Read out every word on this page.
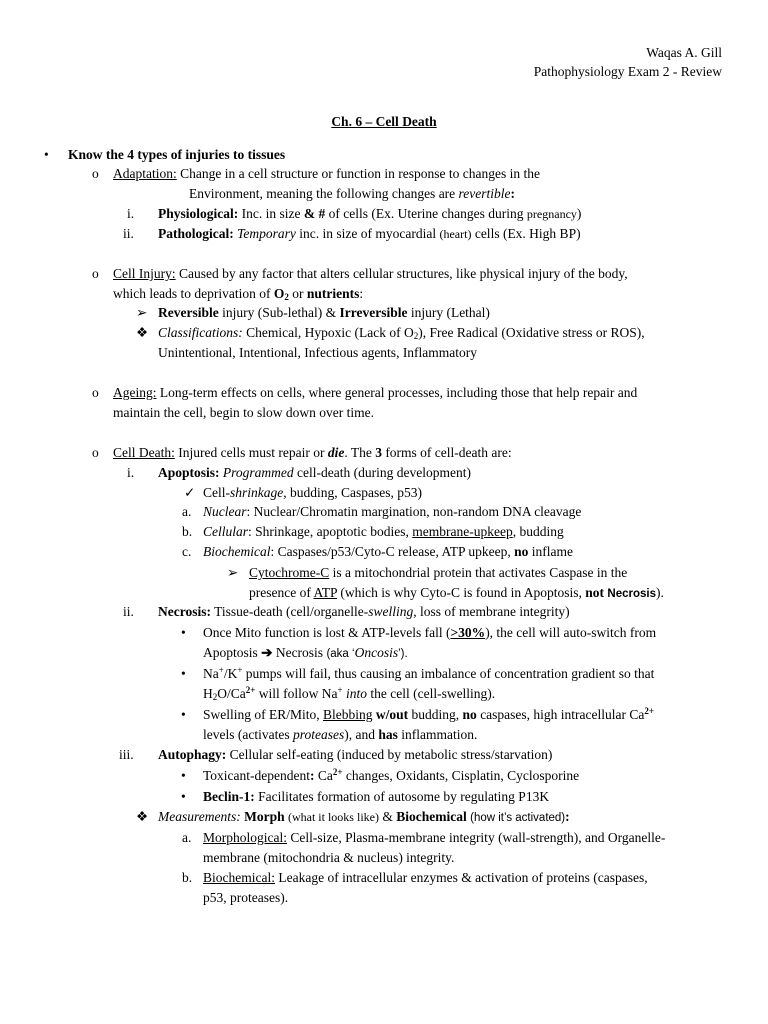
Waqas A. Gill
Pathophysiology Exam 2 - Review
Ch. 6 – Cell Death
• Know the 4 types of injuries to tissues
o Adaptation: Change in a cell structure or function in response to changes in the
Environment, meaning the following changes are revertible:
i. Physiological: Inc. in size & # of cells (Ex. Uterine changes during pregnancy)
ii. Pathological: Temporary inc. in size of myocardial (heart) cells (Ex. High BP)
o Cell Injury: Caused by any factor that alters cellular structures, like physical injury of the body,
which leads to deprivation of $O_2$ or nutrients:
➢ Reversible injury (Sub-lethal) & Irreversible injury (Lethal)
❖ Classifications: Chemical, Hypoxic (Lack of $O_2$), Free Radical (Oxidative stress or ROS),
Unintentional, Intentional, Infectious agents, Inflammatory
o Ageing: Long-term effects on cells, where general processes, including those that help repair and
maintain the cell, begin to slow down over time.
o Cell Death: Injured cells must repair or die. The 3 forms of cell-death are:
i. Apoptosis: Programmed cell-death (during development)
✓ Cell-shrinkage, budding, Caspases, p53)
a. Nuclear: Nuclear/Chromatin margination, non-random DNA cleavage
b. Cellular: Shrinkage, apoptotic bodies, membrane-upkeep, budding
c. Biochemical: Caspases/p53/Cyto-C release, ATP upkeep, no inflame
➢ Cytochrome-C is a mitochondrial protein that activates Caspase in the
presence of ATP (which is why Cyto-C is found in Apoptosis, not Necrosis).
ii. Necrosis: Tissue-death (cell/organelle-swelling, loss of membrane integrity)
• Once Mito function is lost & ATP-levels fall (>30%), the cell will auto-switch from
Apoptosis ➔ Necrosis (aka ‘Oncosis’).
• Na+/K+ pumps will fail, thus causing an imbalance of concentration gradient so that
$H_2O/Ca^{2+}$ will follow Na+ into the cell (cell-swelling).
• Swelling of ER/Mito, Blebbing w/out budding, no caspases, high intracellular $Ca^{2+}$
levels (activates proteases), and has inflammation.
iii. Autophagy: Cellular self-eating (induced by metabolic stress/starvation)
• Toxicant-dependent: $Ca^{2+}$ changes, Oxidants, Cisplatin, Cyclosporine
• Beclin-1: Facilitates formation of autosome by regulating P13K
❖ Measurements: Morph (what it looks like) & Biochemical (how it’s activated):
a. Morphological: Cell-size, Plasma-membrane integrity (wall-strength), and Organelle-
membrane (mitochondria & nucleus) integrity.
b. Biochemical: Leakage of intracellular enzymes & activation of proteins (caspases,
p53, proteases).
